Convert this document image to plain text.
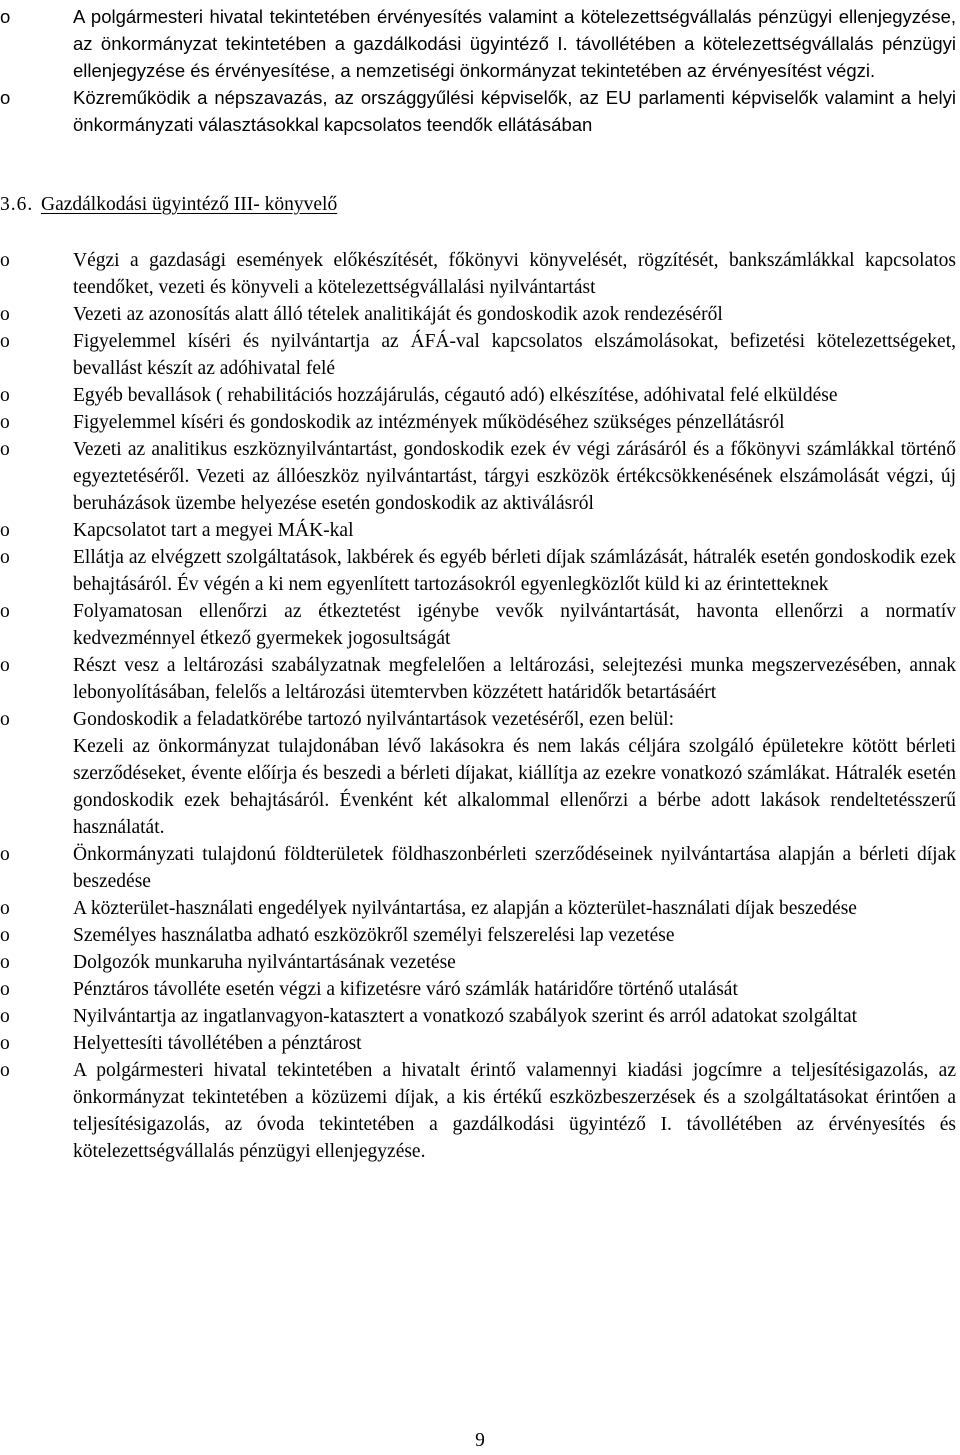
o	A polgármesteri hivatal tekintetében érvényesítés valamint a kötelezettségvállalás pénzügyi ellenjegyzése, az önkormányzat tekintetében a gazdálkodási ügyintéző I. távollétében a kötelezettségvállalás pénzügyi ellenjegyzése és érvényesítése, a nemzetiségi önkormányzat tekintetében az érvényesítést végzi.
o	Közreműködik a népszavazás, az országgyűlési képviselők, az EU parlamenti képviselők valamint a helyi önkormányzati választásokkal kapcsolatos teendők ellátásában
3.6. Gazdálkodási ügyintéző III- könyvelő
o	Végzi a gazdasági események előkészítését, főkönyvi könyvelését, rögzítését, bankszámlákkal kapcsolatos teendőket, vezeti és könyveli a kötelezettségvállalási nyilvántartást
o	Vezeti az azonosítás alatt álló tételek analitikáját és gondoskodik azok rendezéséről
o	Figyelemmel kíséri és nyilvántartja az ÁFÁ-val kapcsolatos elszámolásokat, befizetési kötelezettségeket, bevallást készít az adóhivatal felé
o	Egyéb bevallások ( rehabilitációs hozzájárulás, cégautó adó) elkészítése, adóhivatal felé elküldése
o	Figyelemmel kíséri és gondoskodik az intézmények működéséhez szükséges pénzellátásról
o	Vezeti az analitikus eszköznyilvántartást, gondoskodik ezek év végi zárásáról és a főkönyvi számlákkal történő egyeztetéséről. Vezeti az állóeszköz nyilvántartást, tárgyi eszközök értékcsökkenésének elszámolását végzi, új beruházások üzembe helyezése esetén gondoskodik az aktiválásról
o	Kapcsolatot tart a megyei MÁK-kal
o	Ellátja az elvégzett szolgáltatások, lakbérek és egyéb bérleti díjak számlázását, hátralék esetén gondoskodik ezek behajtásáról. Év végén a ki nem egyenlített tartozásokról egyenlegközlőt küld ki az érintetteknek
o	Folyamatosan ellenőrzi az étkeztetést igénybe vevők nyilvántartását, havonta ellenőrzi a normatív kedvezménnyel étkező gyermekek jogosultságát
o	Részt vesz a leltározási szabályzatnak megfelelően a leltározási, selejtezési munka megszervezésében, annak lebonyolításában, felelős a leltározási ütemtervben közzétett határidők betartásáért
o	Gondoskodik a feladatkörébe tartozó nyilvántartások vezetéséről, ezen belül:
Kezeli az önkormányzat tulajdonában lévő lakásokra és nem lakás céljára szolgáló épületekre kötött bérleti szerződéseket, évente előírja és beszedi a bérleti díjakat, kiállítja az ezekre vonatkozó számlákat. Hátralék esetén gondoskodik ezek behajtásáról. Évenként két alkalommal ellenőrzi a bérbe adott lakások rendeltetésszerű használatát.
o	Önkormányzati tulajdonú földterületek földhaszonbérleti szerződéseinek nyilvántartása alapján a bérleti díjak beszedése
o	A közterület-használati engedélyek nyilvántartása, ez alapján a közterület-használati díjak beszedése
o	Személyes használatba adható eszközökről személyi felszerelési lap vezetése
o	Dolgozók munkaruha nyilvántartásának vezetése
o	Pénztáros távolléte esetén végzi a kifizetésre váró számlák határidőre történő utalását
o	Nyilvántartja az ingatlanvagyon-katasztert a vonatkozó szabályok szerint és arról adatokat szolgáltat
o	Helyettesíti távollétében a pénztárost
o	A polgármesteri hivatal tekintetében a hivatalt érintő valamennyi kiadási jogcímre a teljesítésigazolás, az önkormányzat tekintetében a közüzemi díjak, a kis értékű eszközbeszerzések és a szolgáltatásokat érintően a teljesítésigazolás, az óvoda tekintetében a gazdálkodási ügyintéző I. távollétében az érvényesítés és kötelezettségvállalás pénzügyi ellenjegyzése.
9
